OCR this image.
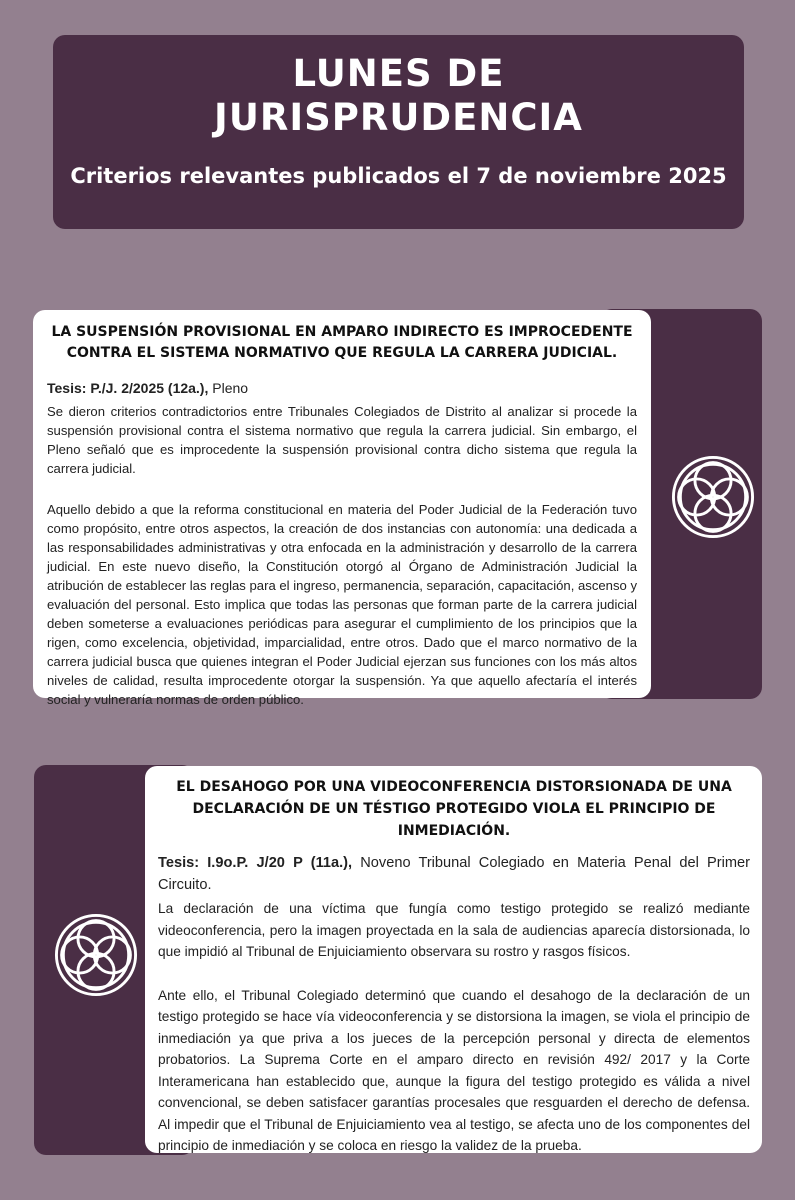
LUNES DE
JURISPRUDENCIA
Criterios relevantes publicados el 7 de noviembre 2025
LA SUSPENSIÓN PROVISIONAL EN AMPARO INDIRECTO ES IMPROCEDENTE CONTRA EL SISTEMA NORMATIVO QUE REGULA LA CARRERA JUDICIAL.
Tesis: P./J. 2/2025 (12a.), Pleno

Se dieron criterios contradictorios entre Tribunales Colegiados de Distrito al analizar si procede la suspensión provisional contra el sistema normativo que regula la carrera judicial. Sin embargo, el Pleno señaló que es improcedente la suspensión provisional contra dicho sistema que regula la carrera judicial.

Aquello debido a que la reforma constitucional en materia del Poder Judicial de la Federación tuvo como propósito, entre otros aspectos, la creación de dos instancias con autonomía: una dedicada a las responsabilidades administrativas y otra enfocada en la administración y desarrollo de la carrera judicial. En este nuevo diseño, la Constitución otorgó al Órgano de Administración Judicial la atribución de establecer las reglas para el ingreso, permanencia, separación, capacitación, ascenso y evaluación del personal. Esto implica que todas las personas que forman parte de la carrera judicial deben someterse a evaluaciones periódicas para asegurar el cumplimiento de los principios que la rigen, como excelencia, objetividad, imparcialidad, entre otros. Dado que el marco normativo de la carrera judicial busca que quienes integran el Poder Judicial ejerzan sus funciones con los más altos niveles de calidad, resulta improcedente otorgar la suspensión. Ya que aquello afectaría el interés social y vulneraría normas de orden público.

EL DESAHOGO POR UNA VIDEOCONFERENCIA DISTORSIONADA DE UNA DECLARACIÓN DE UN TÉSTIGO PROTEGIDO VIOLA EL PRINCIPIO DE INMEDIACIÓN.
Tesis: I.9o.P. J/20 P (11a.), Noveno Tribunal Colegiado en Materia Penal del Primer Circuito.

La declaración de una víctima que fungía como testigo protegido se realizó mediante videoconferencia, pero la imagen proyectada en la sala de audiencias aparecía distorsionada, lo que impidió al Tribunal de Enjuiciamiento observara su rostro y rasgos físicos.

Ante ello, el Tribunal Colegiado determinó que cuando el desahogo de la declaración de un testigo protegido se hace vía videoconferencia y se distorsiona la imagen, se viola el principio de inmediación ya que priva a los jueces de la percepción personal y directa de elementos probatorios. La Suprema Corte en el amparo directo en revisión 492/ 2017 y la Corte Interamericana han establecido que, aunque la figura del testigo protegido es válida a nivel convencional, se deben satisfacer garantías procesales que resguarden el derecho de defensa. Al impedir que el Tribunal de Enjuiciamiento vea al testigo, se afecta uno de los componentes del principio de inmediación y se coloca en riesgo la validez de la prueba.
